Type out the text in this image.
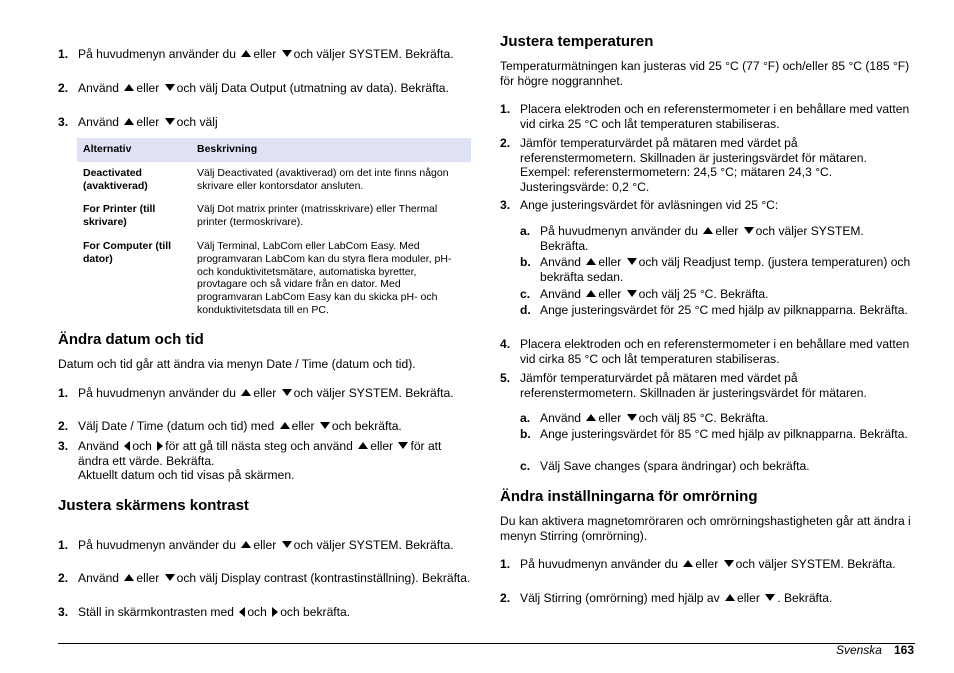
1. På huvudmenyn använder du eller och väljer SYSTEM. Bekräfta.
2. Använd eller och välj Data Output (utmatning av data). Bekräfta.
3. Använd eller och välj
Alternativ	Beskrivning
Deactivated (avaktiverad)	Välj Deactivated (avaktiverad) om det inte finns någon skrivare eller kontorsdator ansluten.
For Printer (till skrivare)	Välj Dot matrix printer (matrisskrivare) eller Thermal printer (termoskrivare).
For Computer (till dator)	Välj Terminal, LabCom eller LabCom Easy. Med programvaran LabCom kan du styra flera moduler, pH- och konduktivitetsmätare, automatiska byretter, provtagare och så vidare från en dator. Med programvaran LabCom Easy kan du skicka pH- och konduktivitetsdata till en PC.
Ändra datum och tid
Datum och tid går att ändra via menyn Date / Time (datum och tid).
1. På huvudmenyn använder du eller och väljer SYSTEM. Bekräfta.
2. Välj Date / Time (datum och tid) med eller och bekräfta.
3. Använd och för att gå till nästa steg och använd eller för att ändra ett värde. Bekräfta.
Aktuellt datum och tid visas på skärmen.
Justera skärmens kontrast
1. På huvudmenyn använder du eller och väljer SYSTEM. Bekräfta.
2. Använd eller och välj Display contrast (kontrastinställning). Bekräfta.
3. Ställ in skärmkontrasten med och och bekräfta.
Justera temperaturen
Temperaturmätningen kan justeras vid 25 °C (77 °F) och/eller 85 °C (185 °F) för högre noggrannhet.
1. Placera elektroden och en referenstermometer i en behållare med vatten vid cirka 25 °C och låt temperaturen stabiliseras.
2. Jämför temperaturvärdet på mätaren med värdet på referenstermometern. Skillnaden är justeringsvärdet för mätaren. Exempel: referenstermometern: 24,5 °C; mätaren 24,3 °C. Justeringsvärde: 0,2 °C.
3. Ange justeringsvärdet för avläsningen vid 25 °C:
a. På huvudmenyn använder du eller och väljer SYSTEM. Bekräfta.
b. Använd eller och välj Readjust temp. (justera temperaturen) och bekräfta sedan.
c. Använd eller och välj 25 °C. Bekräfta.
d. Ange justeringsvärdet för 25 °C med hjälp av pilknapparna. Bekräfta.
4. Placera elektroden och en referenstermometer i en behållare med vatten vid cirka 85 °C och låt temperaturen stabiliseras.
5. Jämför temperaturvärdet på mätaren med värdet på referenstermometern. Skillnaden är justeringsvärdet för mätaren.
a. Använd eller och välj 85 °C. Bekräfta.
b. Ange justeringsvärdet för 85 °C med hjälp av pilknapparna. Bekräfta.
c. Välj Save changes (spara ändringar) och bekräfta.
Ändra inställningarna för omrörning
Du kan aktivera magnetomröraren och omrörningshastigheten går att ändra i menyn Stirring (omrörning).
1. På huvudmenyn använder du eller och väljer SYSTEM. Bekräfta.
2. Välj Stirring (omrörning) med hjälp av eller . Bekräfta.
Svenska 163
